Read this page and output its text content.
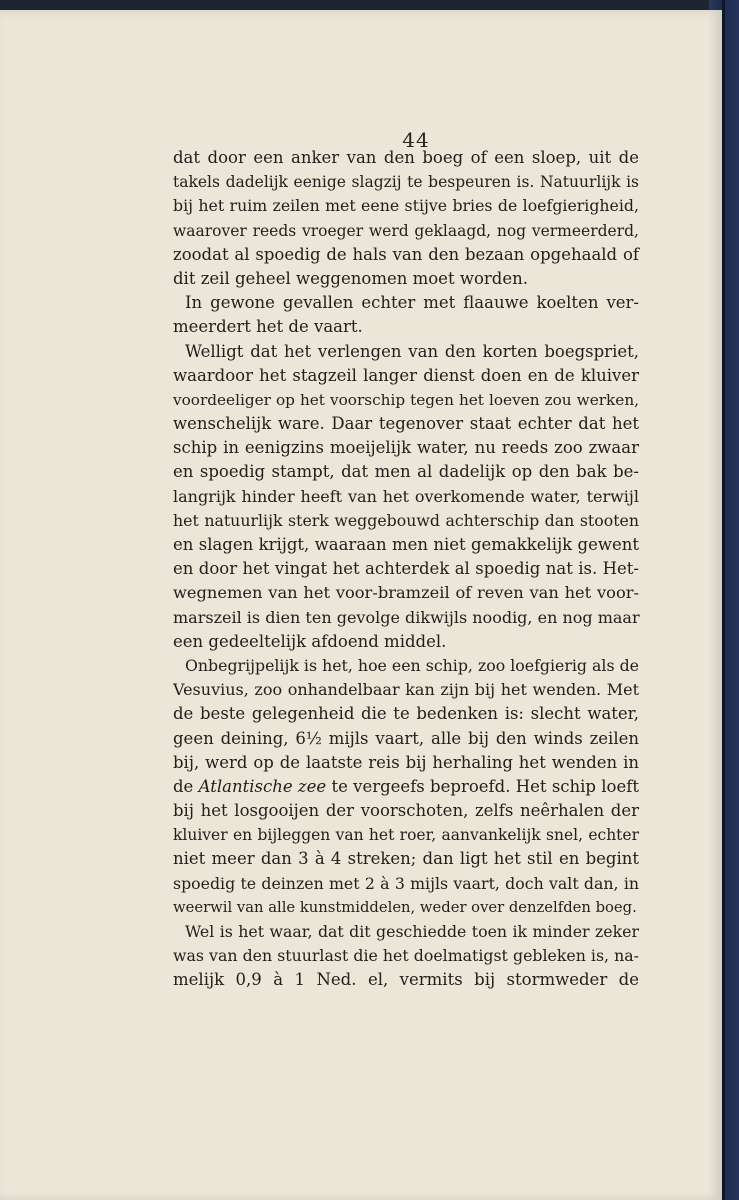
44
dat door een anker van den boeg of een sloep, uit de
takels dadelijk eenige slagzij te bespeuren is. Natuurlijk is
bij het ruim zeilen met eene stijve bries de loefgierigheid,
waarover reeds vroeger werd geklaagd, nog vermeerderd,
zoodat al spoedig de hals van den bezaan opgehaald of
dit zeil geheel weggenomen moet worden.
In gewone gevallen echter met flaauwe koelten ver-
meerdert het de vaart.
Welligt dat het verlengen van den korten boegspriet,
waardoor het stagzeil langer dienst doen en de kluiver
voordeeliger op het voorschip tegen het loeven zou werken,
wenschelijk ware. Daar tegenover staat echter dat het
schip in eenigzins moeijelijk water, nu reeds zoo zwaar
en spoedig stampt, dat men al dadelijk op den bak be-
langrijk hinder heeft van het overkomende water, terwijl
het natuurlijk sterk weggebouwd achterschip dan stooten
en slagen krijgt, waaraan men niet gemakkelijk gewent
en door het vingat het achterdek al spoedig nat is. Het-
wegnemen van het voor-bramzeil of reven van het voor-
marszeil is dien ten gevolge dikwijls noodig, en nog maar
een gedeeltelijk afdoend middel.
Onbegrijpelijk is het, hoe een schip, zoo loefgierig als de
Vesuvius, zoo onhandelbaar kan zijn bij het wenden. Met
de beste gelegenheid die te bedenken is: slecht water,
geen deining, 6½ mijls vaart, alle bij den winds zeilen
bij, werd op de laatste reis bij herhaling het wenden in
de Atlantische zee te vergeefs beproefd. Het schip loeft
bij het losgooijen der voorschoten, zelfs neêrhalen der
kluiver en bijleggen van het roer, aanvankelijk snel, echter
niet meer dan 3 à 4 streken; dan ligt het stil en begint
spoedig te deinzen met 2 à 3 mijls vaart, doch valt dan, in
weerwil van alle kunstmiddelen, weder over denzelfden boeg.
Wel is het waar, dat dit geschiedde toen ik minder zeker
was van den stuurlast die het doelmatigst gebleken is, na-
melijk 0,9 à 1 Ned. el, vermits bij stormweder de
